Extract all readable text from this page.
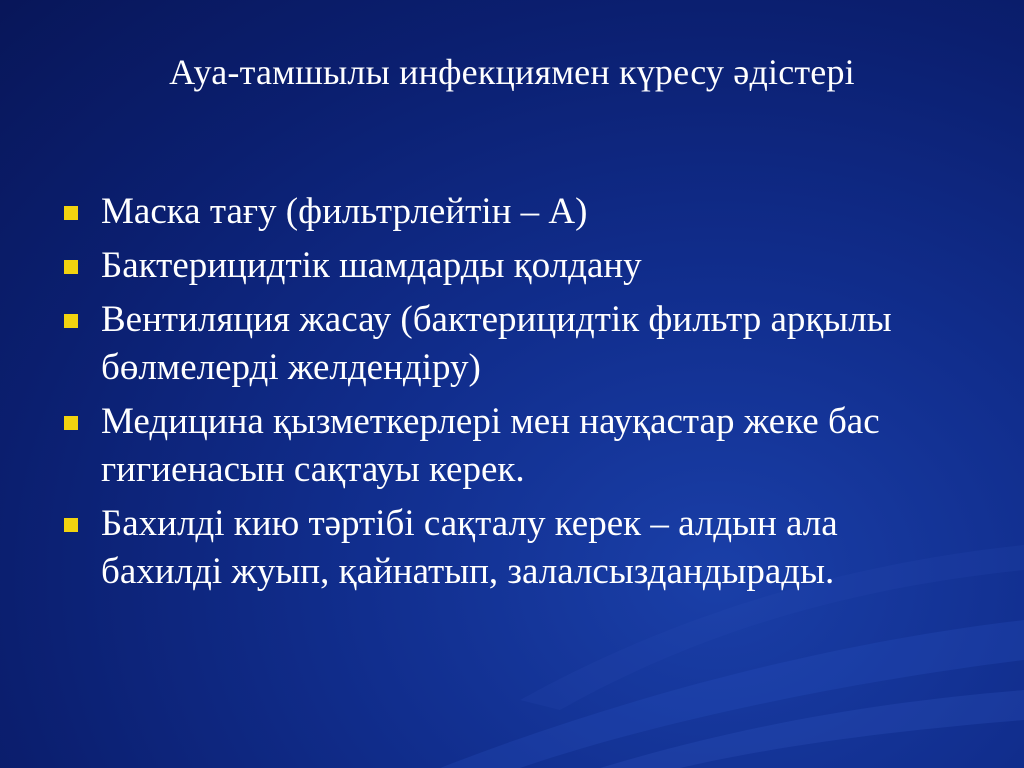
Ауа-тамшылы инфекциямен күресу әдістері
Маска тағу (фильтрлейтін – А)
Бактерицидтік шамдарды қолдану
Вентиляция жасау (бактерицидтік фильтр арқылы бөлмелерді желдендіру)
Медицина қызметкерлері мен науқастар жеке бас гигиенасын сақтауы керек.
Бахилді кию тәртібі сақталу керек – алдын ала бахилді жуып, қайнатып, залалсыздандырады.
